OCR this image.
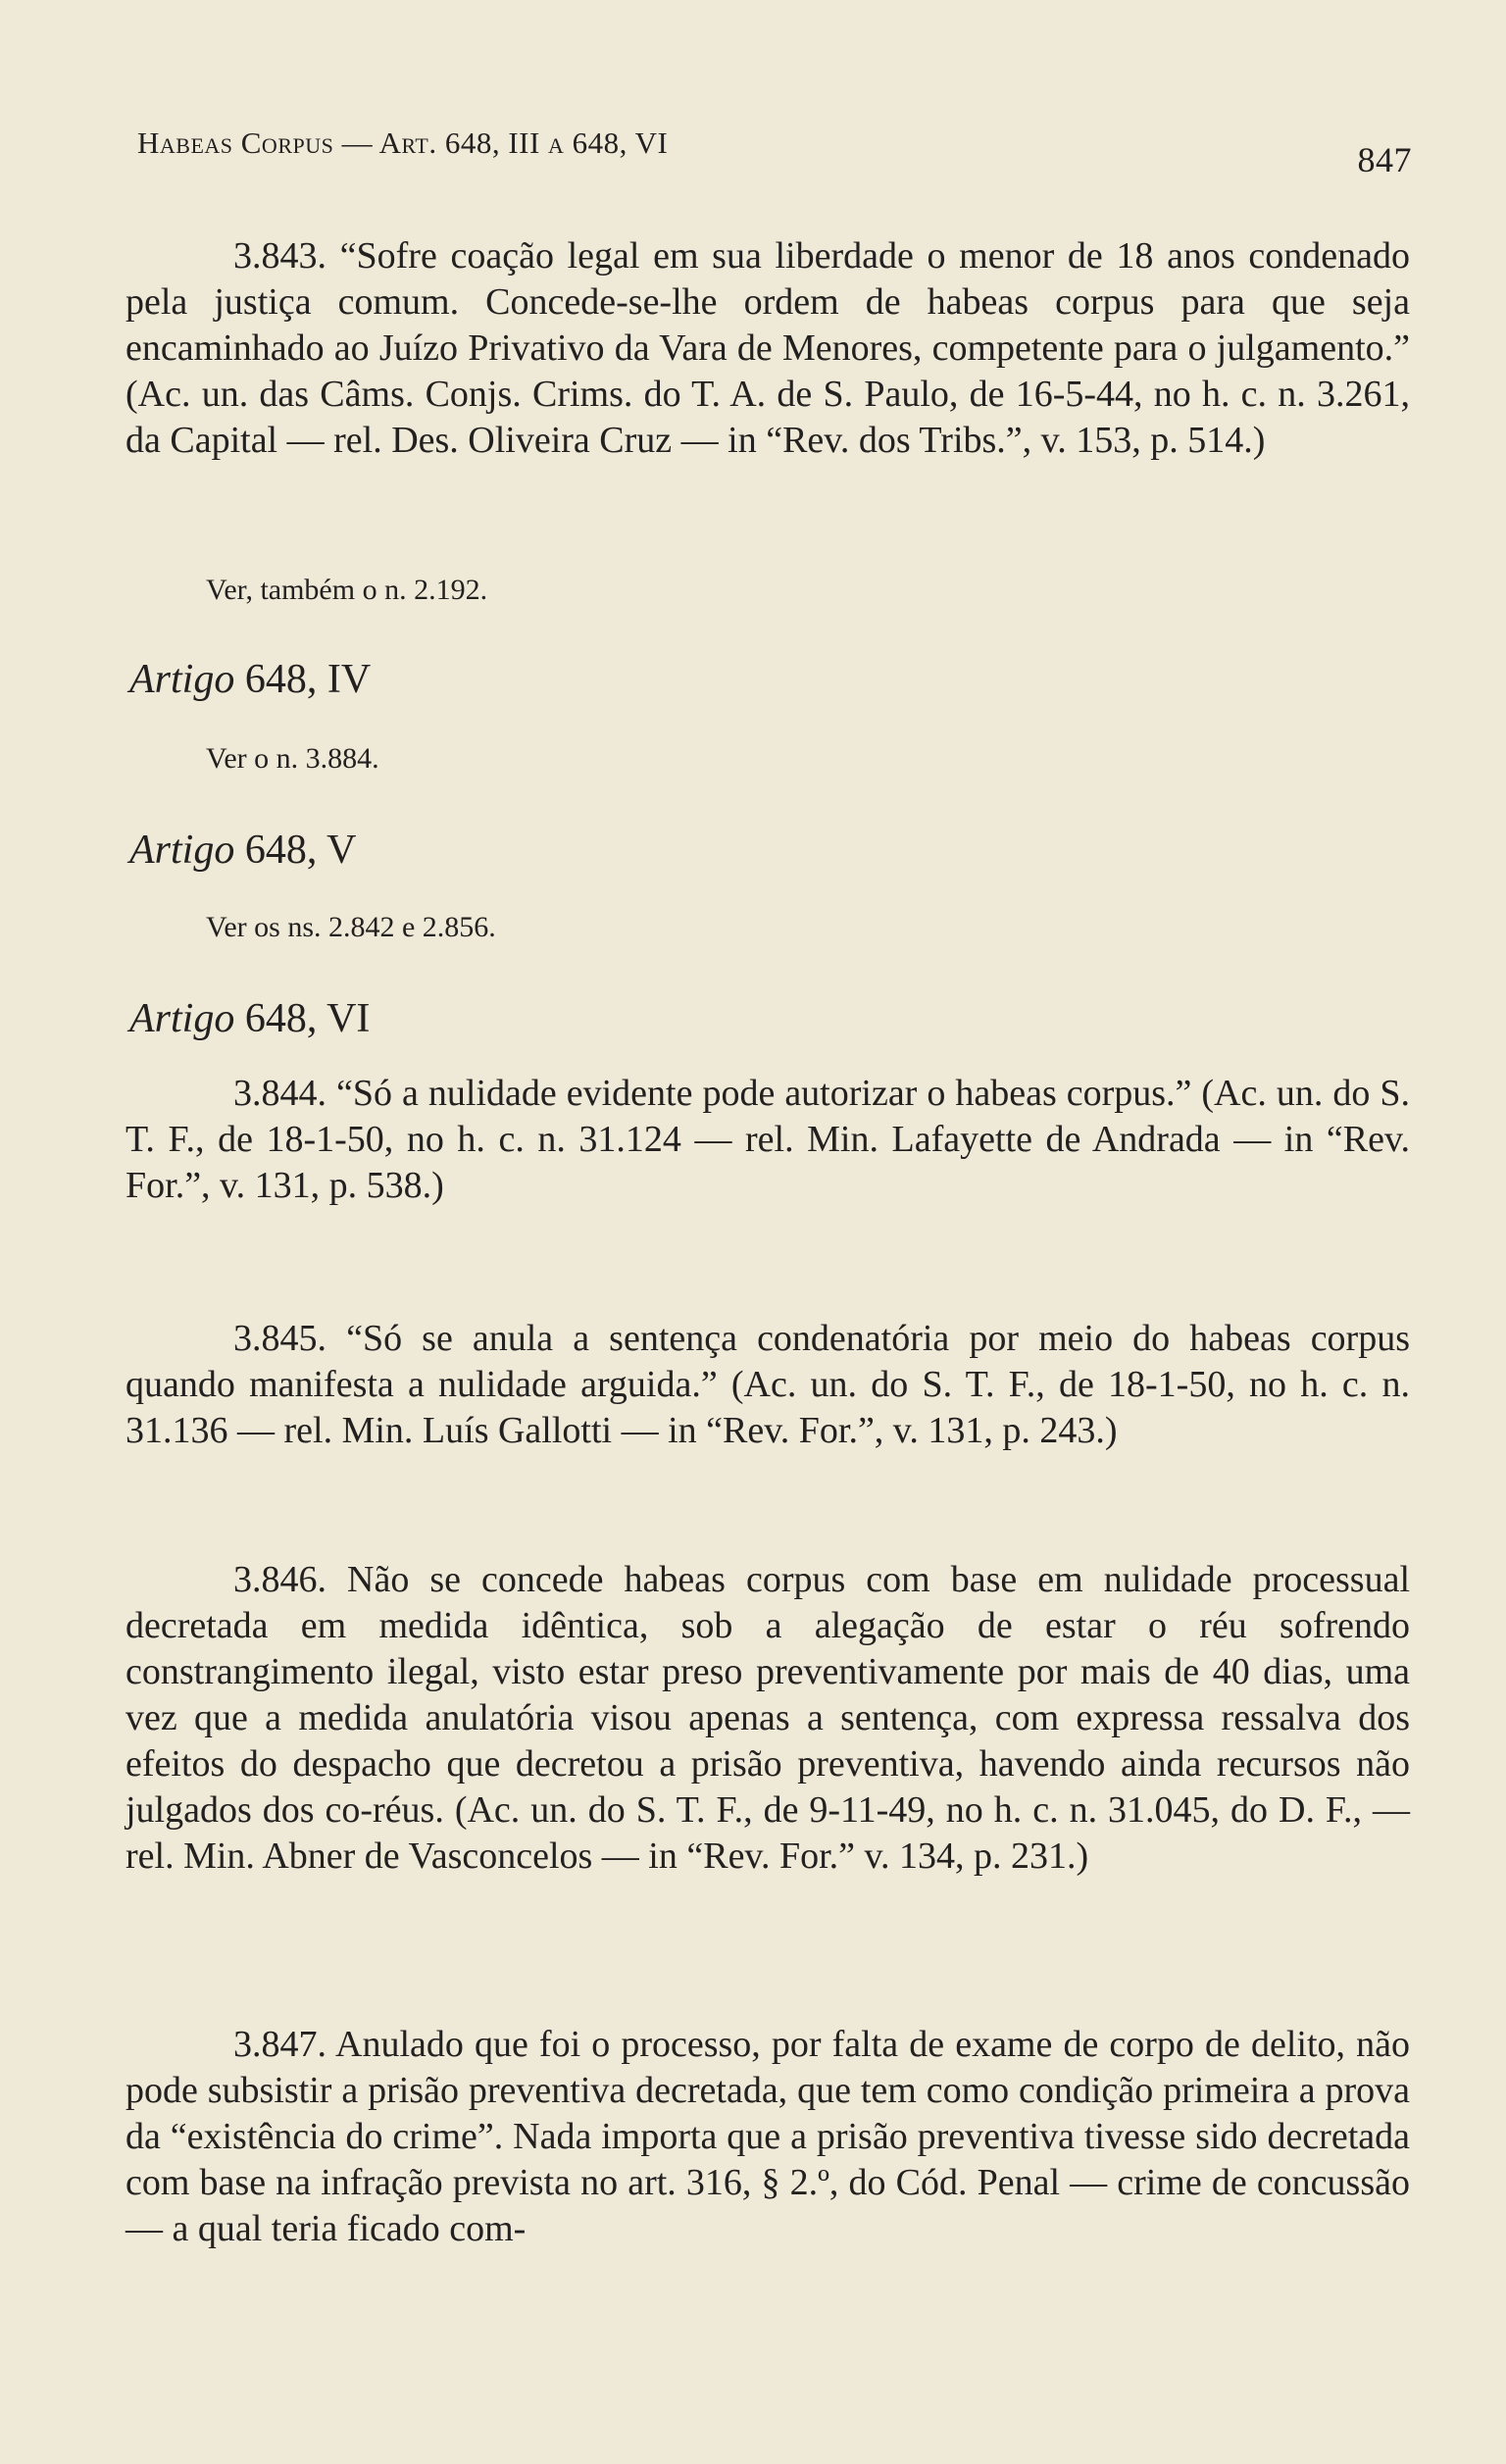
Habeas Corpus — Art. 648, III a 648, VI	847
3.843. “Sofre coação legal em sua liberdade o menor de 18 anos condenado pela justiça comum. Concede-se-lhe ordem de habeas corpus para que seja encaminhado ao Juízo Privativo da Vara de Menores, competente para o julgamento.” (Ac. un. das Câms. Conjs. Crims. do T. A. de S. Paulo, de 16-5-44, no h. c. n. 3.261, da Capital — rel. Des. Oliveira Cruz — in “Rev. dos Tribs.”, v. 153, p. 514.)
Ver, também o n. 2.192.
Artigo 648, IV
Ver o n. 3.884.
Artigo 648, V
Ver os ns. 2.842 e 2.856.
Artigo 648, VI
3.844. “Só a nulidade evidente pode autorizar o habeas corpus.” (Ac. un. do S. T. F., de 18-1-50, no h. c. n. 31.124 — rel. Min. Lafayette de Andrada — in “Rev. For.”, v. 131, p. 538.)
3.845. “Só se anula a sentença condenatória por meio do habeas corpus quando manifesta a nulidade arguida.” (Ac. un. do S. T. F., de 18-1-50, no h. c. n. 31.136 — rel. Min. Luís Gallotti — in “Rev. For.”, v. 131, p. 243.)
3.846. Não se concede habeas corpus com base em nulidade processual decretada em medida idêntica, sob a alegação de estar o réu sofrendo constrangimento ilegal, visto estar preso preventivamente por mais de 40 dias, uma vez que a medida anulatória visou apenas a sentença, com expressa ressalva dos efeitos do despacho que decretou a prisão preventiva, havendo ainda recursos não julgados dos co-réus. (Ac. un. do S. T. F., de 9-11-49, no h. c. n. 31.045, do D. F., — rel. Min. Abner de Vasconcelos — in “Rev. For.” v. 134, p. 231.)
3.847. Anulado que foi o processo, por falta de exame de corpo de delito, não pode subsistir a prisão preventiva decretada, que tem como condição primeira a prova da “existência do crime”. Nada importa que a prisão preventiva tivesse sido decretada com base na infração prevista no art. 316, § 2.º, do Cód. Penal — crime de concussão — a qual teria ficado com-
